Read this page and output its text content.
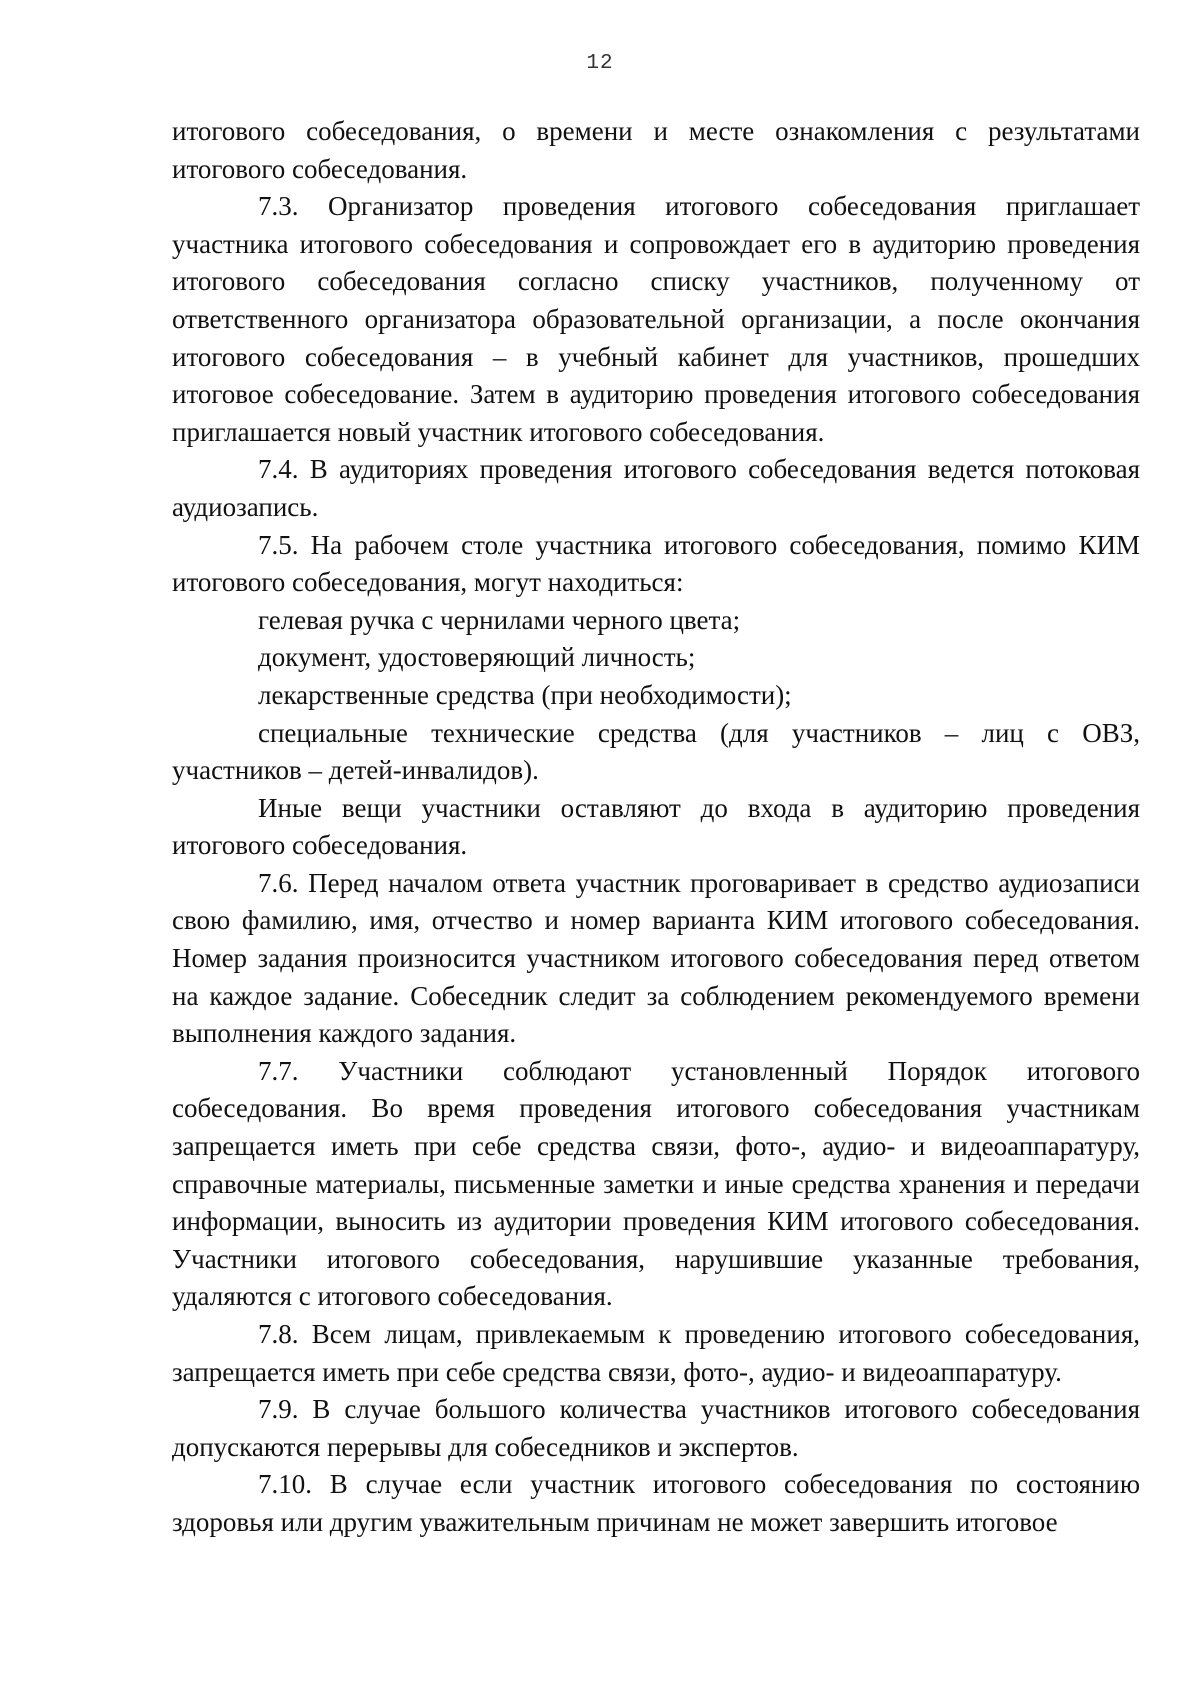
12

итогового собеседования, о времени и месте ознакомления с результатами итогового собеседования.

7.3. Организатор проведения итогового собеседования приглашает участника итогового собеседования и сопровождает его в аудиторию проведения итогового собеседования согласно списку участников, полученному от ответственного организатора образовательной организации, а после окончания итогового собеседования – в учебный кабинет для участников, прошедших итоговое собеседование. Затем в аудиторию проведения итогового собеседования приглашается новый участник итогового собеседования.

7.4. В аудиториях проведения итогового собеседования ведется потоковая аудиозапись.

7.5. На рабочем столе участника итогового собеседования, помимо КИМ итогового собеседования, могут находиться:

гелевая ручка с чернилами черного цвета;

документ, удостоверяющий личность;

лекарственные средства (при необходимости);

специальные технические средства (для участников – лиц с ОВЗ, участников – детей-инвалидов).

Иные вещи участники оставляют до входа в аудиторию проведения итогового собеседования.

7.6. Перед началом ответа участник проговаривает в средство аудиозаписи свою фамилию, имя, отчество и номер варианта КИМ итогового собеседования. Номер задания произносится участником итогового собеседования перед ответом на каждое задание. Собеседник следит за соблюдением рекомендуемого времени выполнения каждого задания.

7.7. Участники соблюдают установленный Порядок итогового собеседования. Во время проведения итогового собеседования участникам запрещается иметь при себе средства связи, фото-, аудио- и видеоаппаратуру, справочные материалы, письменные заметки и иные средства хранения и передачи информации, выносить из аудитории проведения КИМ итогового собеседования. Участники итогового собеседования, нарушившие указанные требования, удаляются с итогового собеседования.

7.8. Всем лицам, привлекаемым к проведению итогового собеседования, запрещается иметь при себе средства связи, фото-, аудио- и видеоаппаратуру.

7.9. В случае большого количества участников итогового собеседования допускаются перерывы для собеседников и экспертов.

7.10. В случае если участник итогового собеседования по состоянию здоровья или другим уважительным причинам не может завершить итоговое
